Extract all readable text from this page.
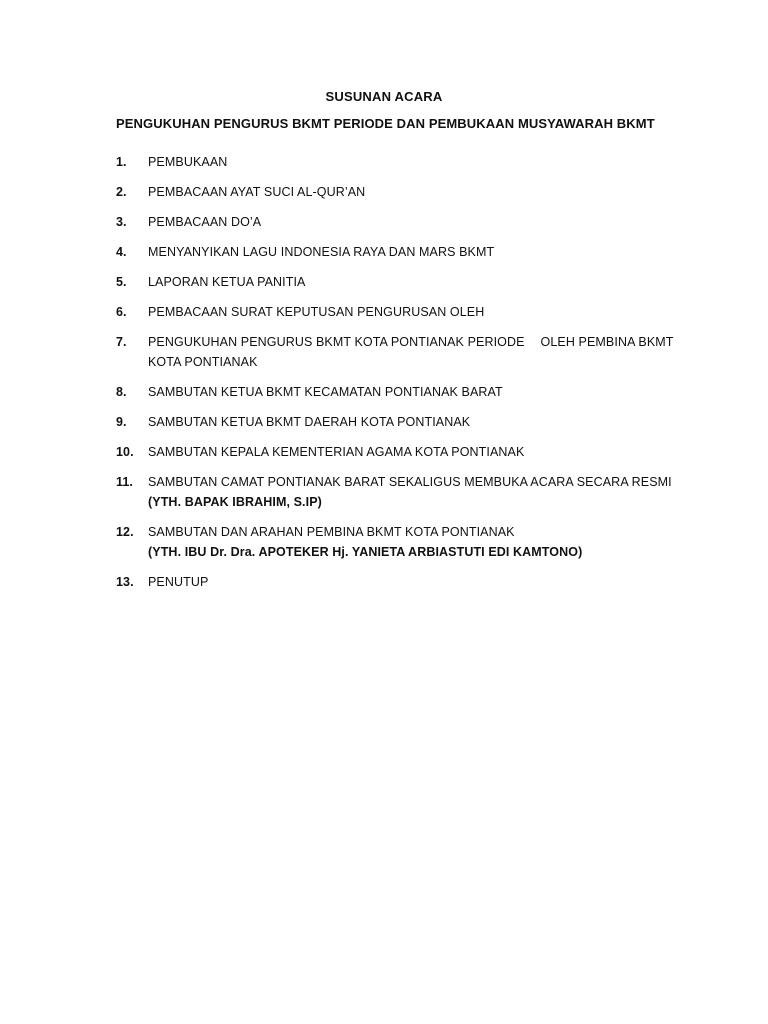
SUSUNAN ACARA
PENGUKUHAN PENGURUS BKMT PERIODE DAN PEMBUKAAN MUSYAWARAH BKMT
1. PEMBUKAAN
2. PEMBACAAN AYAT SUCI AL-QUR’AN
3. PEMBACAAN DO’A
4. MENYANYIKAN LAGU INDONESIA RAYA DAN MARS BKMT
5. LAPORAN KETUA PANITIA
6. PEMBACAAN SURAT KEPUTUSAN PENGURUSAN OLEH
7. PENGUKUHAN PENGURUS BKMT KOTA PONTIANAK PERIODE OLEH PEMBINA BKMT KOTA PONTIANAK
8. SAMBUTAN KETUA BKMT KECAMATAN PONTIANAK BARAT
9. SAMBUTAN KETUA BKMT DAERAH KOTA PONTIANAK
10. SAMBUTAN KEPALA KEMENTERIAN AGAMA KOTA PONTIANAK
11. SAMBUTAN CAMAT PONTIANAK BARAT SEKALIGUS MEMBUKA ACARA SECARA RESMI (YTH. BAPAK IBRAHIM, S.IP)
12. SAMBUTAN DAN ARAHAN PEMBINA BKMT KOTA PONTIANAK
(YTH. IBU Dr. Dra. APOTEKER Hj. YANIETA ARBIASTUTI EDI KAMTONO)
13. PENUTUP
